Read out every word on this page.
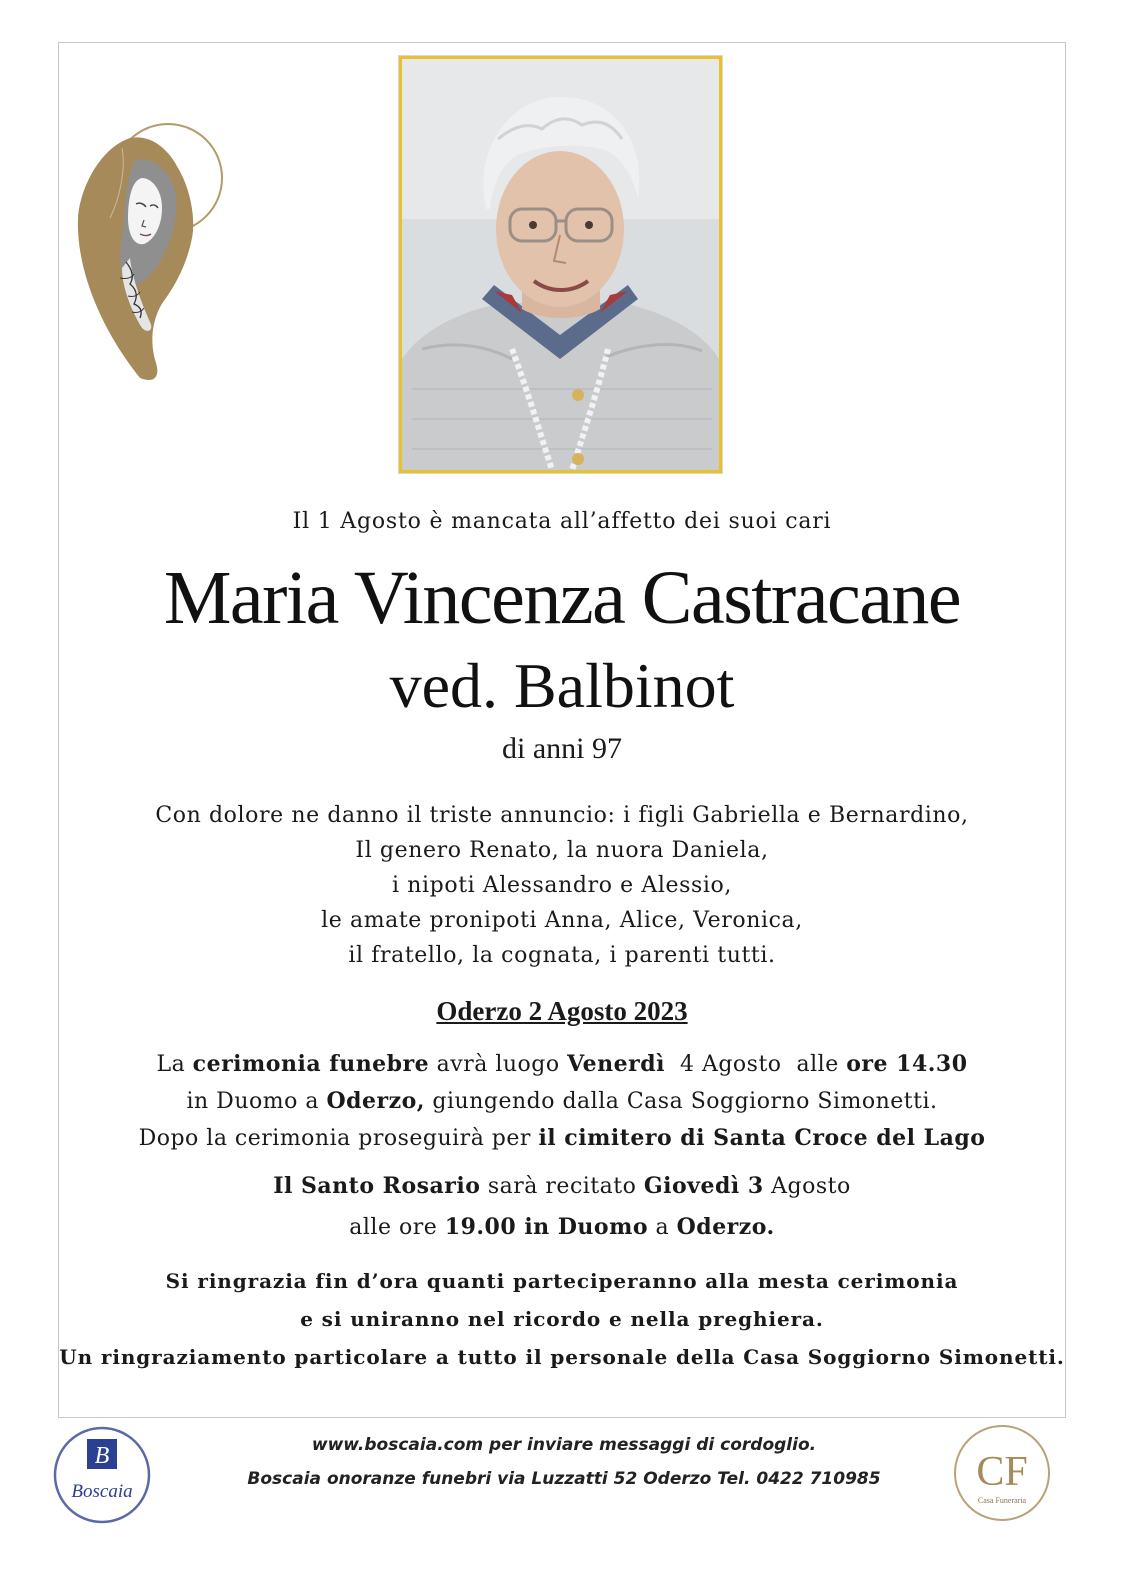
Il 1 Agosto è mancata all’affetto dei suoi cari
Maria Vincenza Castracane
ved. Balbinot
di anni 97
Con dolore ne danno il triste annuncio: i figli Gabriella e Bernardino,
Il genero Renato, la nuora Daniela,
i nipoti Alessandro e Alessio,
le amate pronipoti Anna, Alice, Veronica,
il fratello, la cognata, i parenti tutti.
Oderzo 2 Agosto 2023
La cerimonia funebre avrà luogo Venerdì  4 Agosto  alle ore 14.30
in Duomo a Oderzo, giungendo dalla Casa Soggiorno Simonetti.
Dopo la cerimonia proseguirà per il cimitero di Santa Croce del Lago
Il Santo Rosario sarà recitato Giovedì 3 Agosto
alle ore 19.00 in Duomo a Oderzo.
Si ringrazia fin d’ora quanti parteciperanno alla mesta cerimonia
e si uniranno nel ricordo e nella preghiera.
Un ringraziamento particolare a tutto il personale della Casa Soggiorno Simonetti.
B
Boscaia
www.boscaia.com per inviare messaggi di cordoglio.
Boscaia onoranze funebri via Luzzatti 52 Oderzo Tel. 0422 710985	CF
Casa Funeraria
